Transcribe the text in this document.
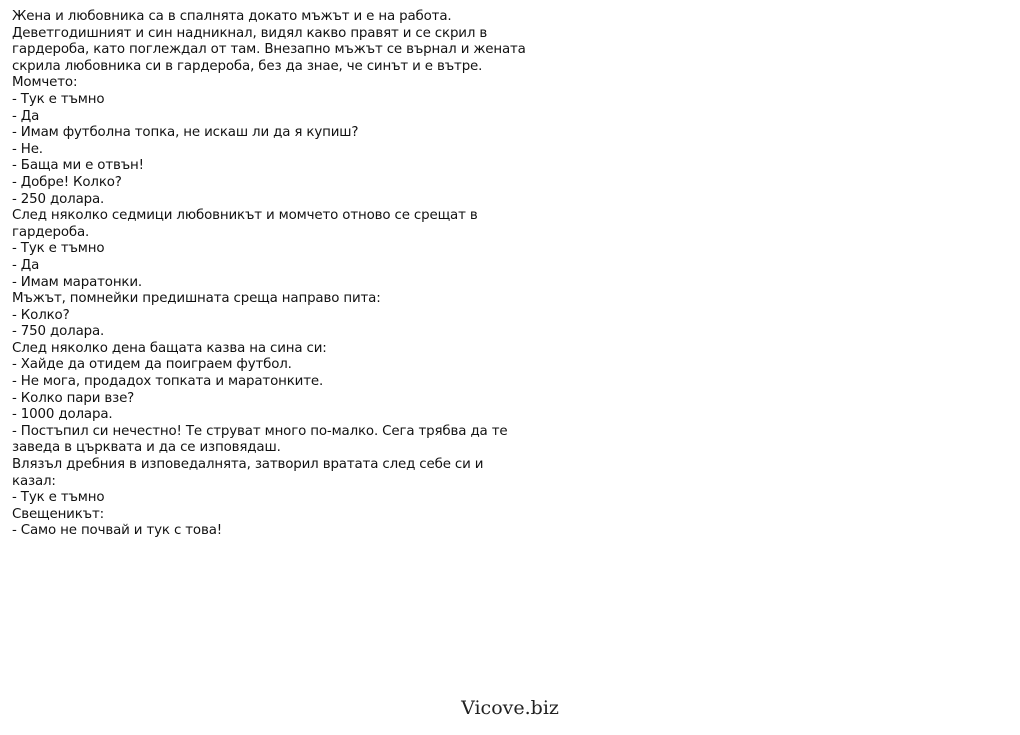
Жена и любовника са в спалнята докато мъжът и е на работа.
Деветгодишният и син надникнал, видял какво правят и се скрил в
гардероба, като поглеждал от там. Внезапно мъжът се върнал и жената
скрила любовника си в гардероба, без да знае, че синът и е вътре.
Момчето:
- Тук е тъмно
- Да
- Имам футболна топка, не искаш ли да я купиш?
- Не.
- Баща ми е отвън!
- Добре! Колко?
- 250 долара.
След няколко седмици любовникът и момчето отново се срещат в
гардероба.
- Тук е тъмно
- Да
- Имам маратонки.
Мъжът, помнейки предишната среща направо пита:
- Колко?
- 750 долара.
След няколко дена бащата казва на сина си:
- Хайде да отидем да поиграем футбол.
- Не мога, продадох топката и маратонките.
- Колко пари взе?
- 1000 долара.
- Постъпил си нечестно! Те струват много по-малко. Сега трябва да те
заведа в църквата и да се изповядаш.
Влязъл дребния в изповедалнята, затворил вратата след себе си и
казал:
- Тук е тъмно
Свещеникът:
- Само не почвай и тук с това!
Vicove.biz
